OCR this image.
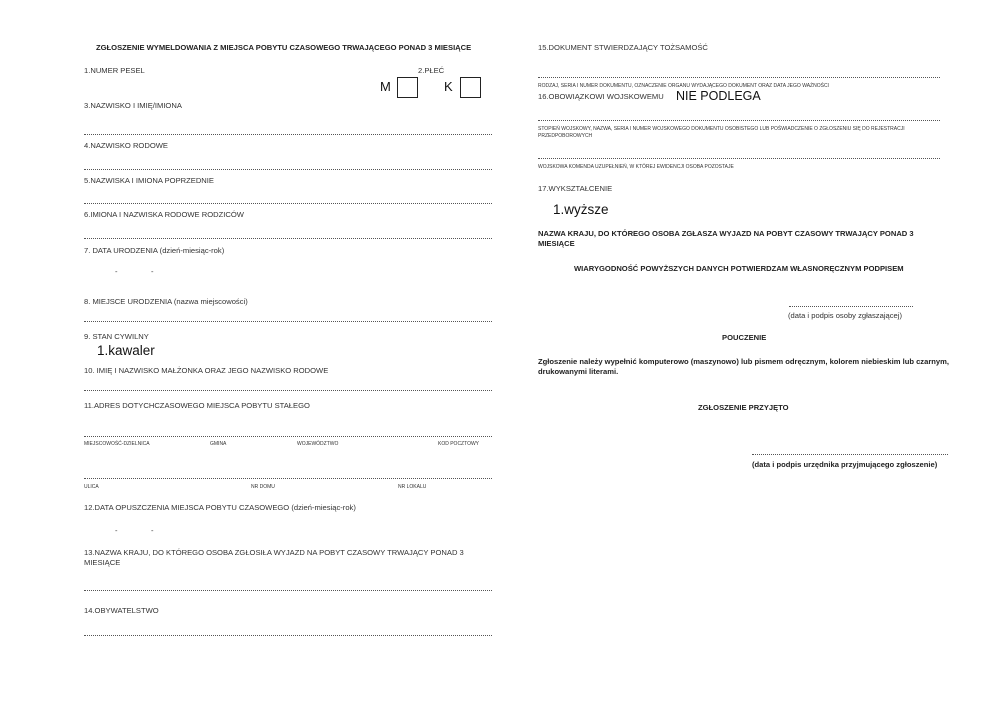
ZGŁOSZENIE WYMELDOWANIA Z MIEJSCA POBYTU CZASOWEGO TRWAJĄCEGO PONAD 3 MIESIĄCE
1.NUMER PESEL	2.PŁEĆ
M	K
3.NAZWISKO I IMIĘ/IMIONA
4.NAZWISKO RODOWE
5.NAZWISKA I IMIONA POPRZEDNIE
6.IMIONA I NAZWISKA RODOWE RODZICÓW
7. DATA URODZENIA (dzień-miesiąc-rok)
-	-
8. MIEJSCE URODZENIA (nazwa miejscowości)
9. STAN CYWILNY
1.kawaler
10. IMIĘ I NAZWISKO MAŁŻONKA ORAZ JEGO NAZWISKO RODOWE
11.ADRES DOTYCHCZASOWEGO MIEJSCA POBYTU STAŁEGO
MIEJSCOWOŚĆ-DZIELNICA	GMINA	WOJEWÓDZTWO	KOD POCZTOWY
ULICA	NR DOMU	NR LOKALU
12.DATA OPUSZCZENIA MIEJSCA POBYTU CZASOWEGO (dzień-miesiąc-rok)
-	-
13.NAZWA KRAJU, DO KTÓREGO OSOBA ZGŁOSIŁA WYJAZD NA POBYT CZASOWY TRWAJĄCY PONAD 3 MIESIĄCE
14.OBYWATELSTWO
15.DOKUMENT STWIERDZAJĄCY TOŻSAMOŚĆ
RODZAJ, SERIA I NUMER DOKUMENTU, OZNACZENIE ORGANU WYDAJĄCEGO DOKUMENT ORAZ DATA JEGO WAŻNOŚCI
16.OBOWIĄZKOWI WOJSKOWEMU NIE PODLEGA
STOPIEŃ WOJSKOWY, NAZWA, SERIA I NUMER WOJSKOWEGO DOKUMENTU OSOBISTEGO LUB POŚWIADCZENIE O ZGŁOSZENIU SIĘ DO REJESTRACJI PRZEDPOBOROWYCH
WOJSKOWA KOMENDA UZUPEŁNIEŃ, W KTÓREJ EWIDENCJI OSOBA POZOSTAJE
17.WYKSZTAŁCENIE
1.wyższe
NAZWA KRAJU, DO KTÓREGO OSOBA ZGŁASZA WYJAZD NA POBYT CZASOWY TRWAJĄCY PONAD 3 MIESIĄCE
WIARYGODNOŚĆ POWYŻSZYCH DANYCH POTWIERDZAM WŁASNORĘCZNYM PODPISEM
(data i podpis osoby zgłaszającej)
POUCZENIE
Zgłoszenie należy wypełnić komputerowo (maszynowo) lub pismem odręcznym, kolorem niebieskim lub czarnym, drukowanymi literami.
ZGŁOSZENIE PRZYJĘTO
(data i podpis urzędnika przyjmującego zgłoszenie)
